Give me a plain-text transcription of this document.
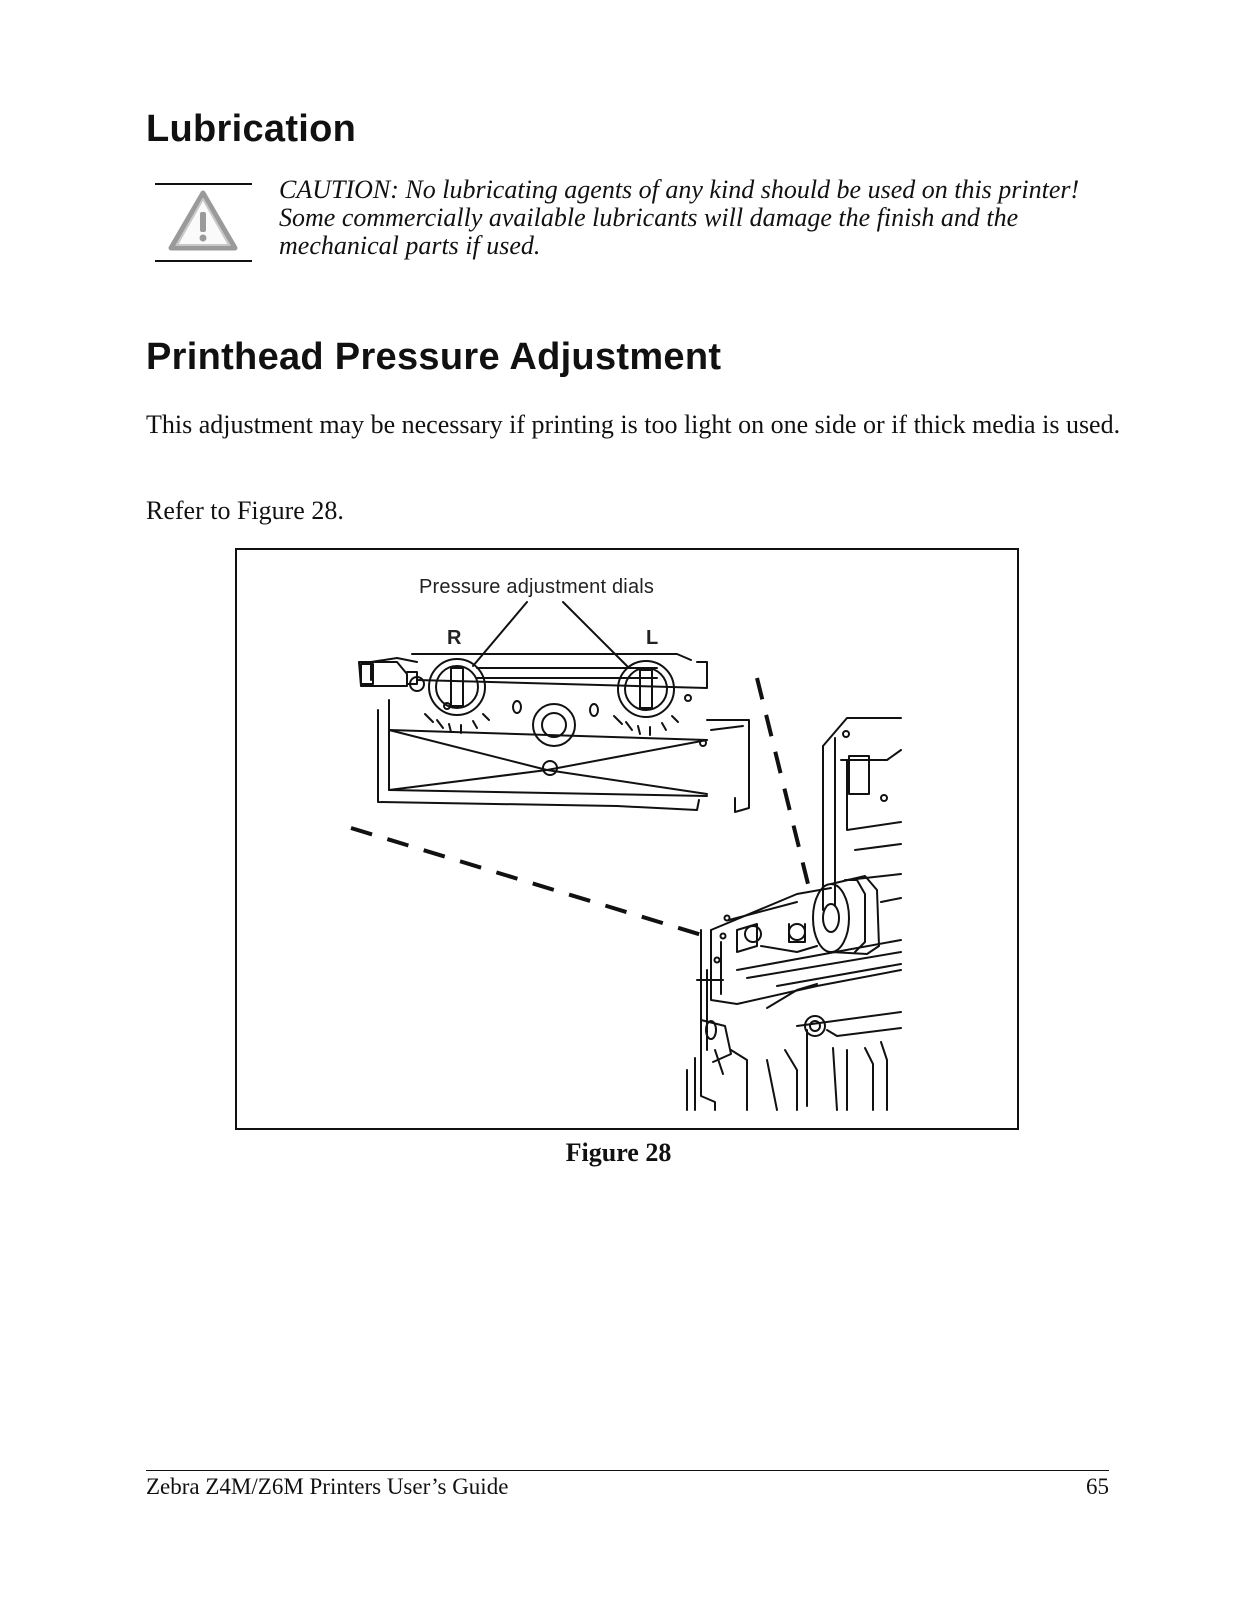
Lubrication

CAUTION: No lubricating agents of any kind should be used on this printer! Some commercially available lubricants will damage the finish and the mechanical parts if used.

Printhead Pressure Adjustment

This adjustment may be necessary if printing is too light on one side or if thick media is used.

Refer to Figure 28.

Pressure adjustment dials
R	L

Figure 28

Zebra Z4M/Z6M Printers User’s Guide	65
